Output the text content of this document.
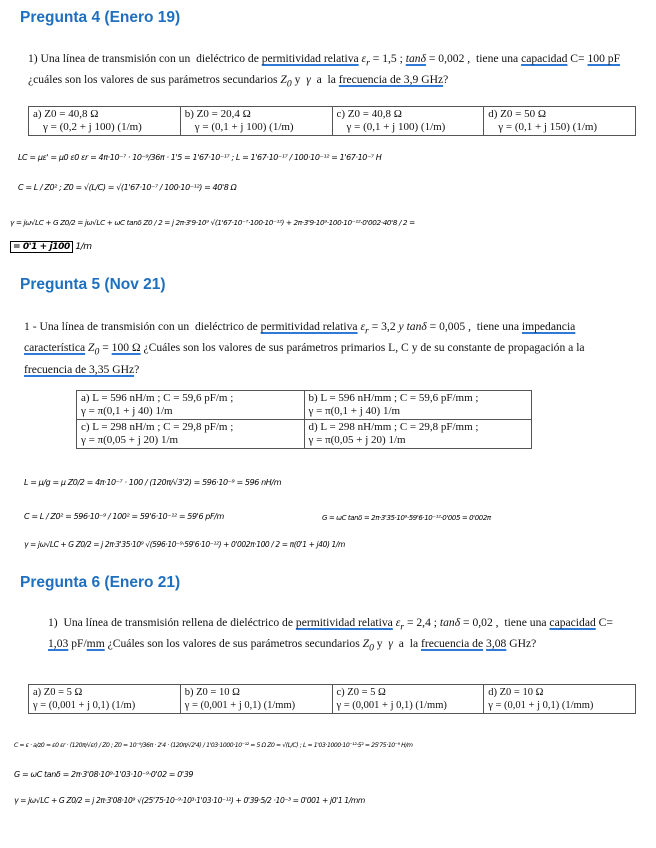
Pregunta 4 (Enero 19)
1) Una línea de transmisión con un  dieléctrico de permitividad relativa $\varepsilon_r = 1,5$ ; tanδ = 0,002 ,  tiene una capacidad C= 100 pF  ¿cuáles son los valores de sus parámetros secundarios $Z_0$ y  γ  a  la frecuencia de 3,9 GHz?
a) Z0 = 40,8 Ω
γ = (0,2 + j 100) (1/m)
	b) Z0 = 20,4 Ω
γ = (0,1 + j 100) (1/m)
	c) Z0 = 40,8 Ω
γ = (0,1 + j 100) (1/m)
	d) Z0 = 50 Ω
γ = (0,1 + j 150) (1/m)
LC = με' = μ0 ε0 εr = 4π·10⁻⁷ · 10⁻⁹/36π · 1'5 = 1'67·10⁻¹⁷ ; L = 1'67·10⁻¹⁷ / 100·10⁻¹² = 1'67·10⁻⁷ H
C = L / Z0² ; Z0 = √(L/C) = √(1'67·10⁻⁷ / 100·10⁻¹²) = 40'8 Ω
γ = jω√LC + G Z0/2 = jω√LC + ωC tanδ Z0 / 2 = j 2π·3'9·10⁹ √(1'67·10⁻⁷·100·10⁻¹²) + 2π·3'9·10⁹·100·10⁻¹²·0'002·40'8 / 2 =
= 0'1 + j100 1/m
Pregunta 5 (Nov 21)
1 - Una línea de transmisión con un  dieléctrico de permitividad relativa $\varepsilon_r = 3,2$ y tanδ = 0,005 ,  tiene una impedancia característica $Z_0 = 100$ Ω ¿Cuáles son los valores de sus parámetros primarios L, C y de su constante de propagación a la frecuencia de 3,35 GHz?
a) L = 596 nH/m ; C = 59,6 pF/m ;
γ = π(0,1 + j 40) 1/m	b) L = 596 nH/mm ; C = 59,6 pF/mm ;
γ = π(0,1 + j 40) 1/m
c) L = 298 nH/m ; C = 29,8 pF/m ;
γ = π(0,05 + j 20) 1/m	d) L = 298 nH/mm ; C = 29,8 pF/mm ;
γ = π(0,05 + j 20) 1/m
L = μ/g = μ Z0/2 = 4π·10⁻⁷ · 100 / (120π/√3'2) = 596·10⁻⁹ = 596 nH/m
C = L / Z0² = 596·10⁻⁹ / 100² = 59'6·10⁻¹² = 59'6 pF/m	G = ωC tanδ = 2π·3'35·10⁹·59'6·10⁻¹²·0'005 = 0'002π
γ = jω√LC + G Z0/2 = j 2π·3'35·10⁹ √(596·10⁻⁹·59'6·10⁻¹²) + 0'002π·100 / 2 = π(0'1 + j40) 1/m
Pregunta 6 (Enero 21)
1)  Una línea de transmisión rellena de dieléctrico de permitividad relativa $\varepsilon_r = 2,4$ ; tanδ = 0,02 ,  tiene una capacidad C= 1,03 pF/mm ¿Cuáles son los valores de sus parámetros secundarios $Z_0$ y  γ  a  la frecuencia de 3,08 GHz?
a) Z0 = 5 Ω
γ = (0,001 + j 0,1) (1/m)	b) Z0 = 10 Ω
γ = (0,001 + j 0,1) (1/mm)	c) Z0 = 5 Ω
γ = (0,001 + j 0,1) (1/mm)	d) Z0 = 10 Ω
γ = (0,01 + j 0,1) (1/mm)
C = ε · a/z0 = ε0 εr · (120π/√εr) / Z0 ; Z0 = 10⁻⁹/36π · 2'4 · (120π/√2'4) / 1'03·1000·10⁻¹² = 5 Ω Z0 = √(L/C) ; L = 1'03·1000·10⁻¹²·5² = 25'75·10⁻⁹ H/m
G = ωC tanδ = 2π·3'08·10⁹·1'03·10⁻⁹·0'02 = 0'39
γ = jω√LC + G Z0/2 = j 2π·3'08·10⁹ √(25'75·10⁻⁹·10³·1'03·10⁻¹²) + 0'39·5/2 ·10⁻³ = 0'001 + j0'1 1/mm
